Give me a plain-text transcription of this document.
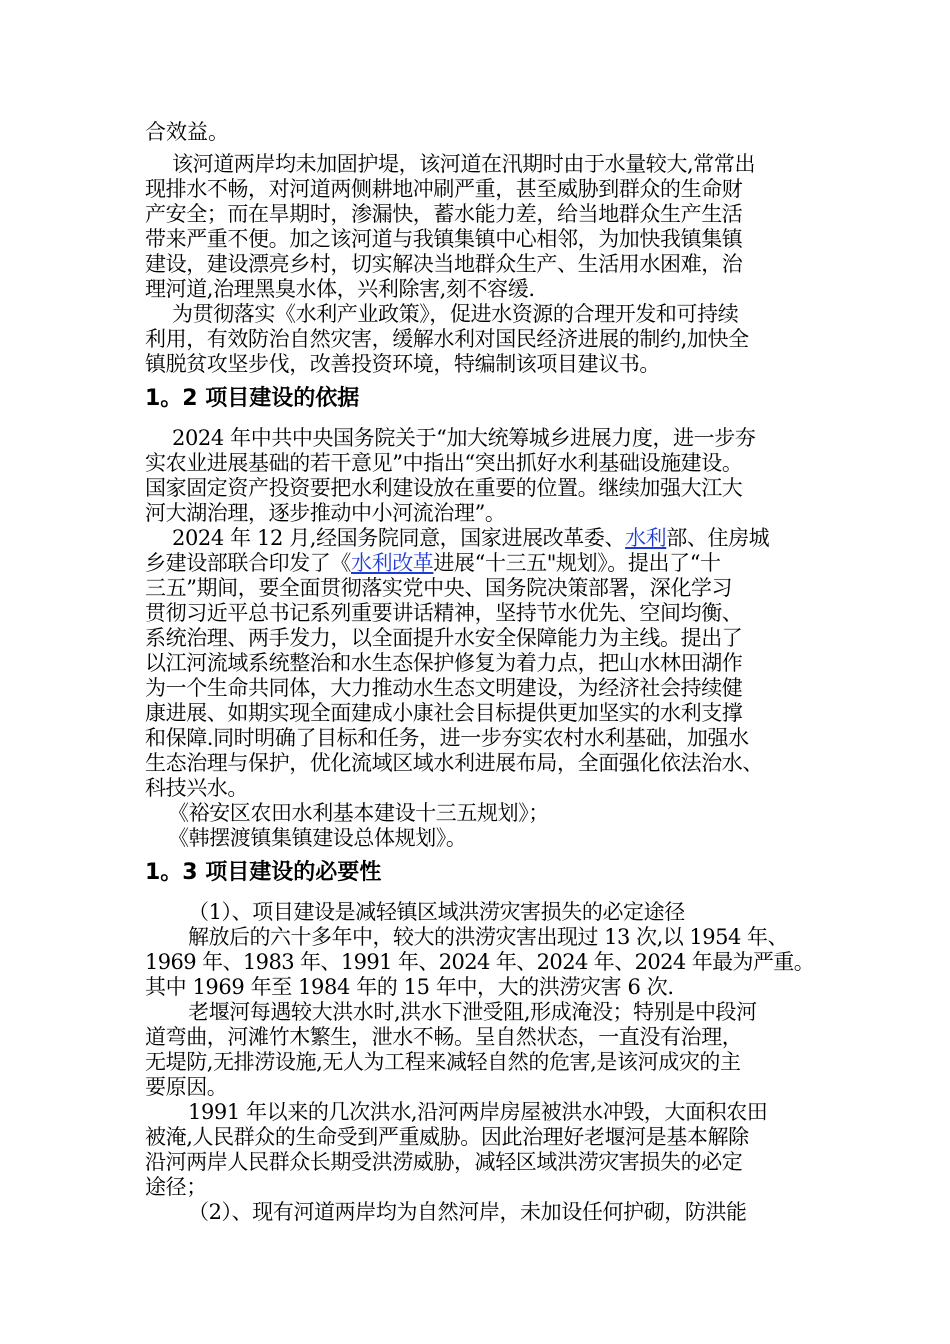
合效益。
该河道两岸均未加固护堤，该河道在汛期时由于水量较大,常常出
现排水不畅，对河道两侧耕地冲刷严重，甚至威胁到群众的生命财
产安全；而在旱期时，渗漏快，蓄水能力差，给当地群众生产生活
带来严重不便。加之该河道与我镇集镇中心相邻，为加快我镇集镇
建设，建设漂亮乡村，切实解决当地群众生产、生活用水困难，治
理河道,治理黑臭水体，兴利除害,刻不容缓.
为贯彻落实《水利产业政策》，促进水资源的合理开发和可持续
利用，有效防治自然灾害，缓解水利对国民经济进展的制约,加快全
镇脱贫攻坚步伐，改善投资环境，特编制该项目建议书。
1。2 项目建设的依据
2024 年中共中央国务院关于“加大统筹城乡进展力度，进一步夯
实农业进展基础的若干意见”中指出“突出抓好水利基础设施建设。
国家固定资产投资要把水利建设放在重要的位置。继续加强大江大
河大湖治理，逐步推动中小河流治理”。
2024 年 12 月,经国务院同意，国家进展改革委、水利部、住房城
乡建设部联合印发了《水利改革进展“十三五"规划》。提出了“十
三五”期间，要全面贯彻落实党中央、国务院决策部署，深化学习
贯彻习近平总书记系列重要讲话精神，坚持节水优先、空间均衡、
系统治理、两手发力，以全面提升水安全保障能力为主线。提出了
以江河流域系统整治和水生态保护修复为着力点，把山水林田湖作
为一个生命共同体，大力推动水生态文明建设，为经济社会持续健
康进展、如期实现全面建成小康社会目标提供更加坚实的水利支撑
和保障.同时明确了目标和任务，进一步夯实农村水利基础，加强水
生态治理与保护，优化流域区域水利进展布局，全面强化依法治水、
科技兴水。
《裕安区农田水利基本建设十三五规划》；
《韩摆渡镇集镇建设总体规划》。
1。3 项目建设的必要性
（1）、项目建设是减轻镇区域洪涝灾害损失的必定途径
解放后的六十多年中，较大的洪涝灾害出现过 13 次,以 1954 年、
1969 年、1983 年、1991 年、2024 年、2024 年、2024 年最为严重。
其中 1969 年至 1984 年的 15 年中，大的洪涝灾害 6 次.
老堰河每遇较大洪水时,洪水下泄受阻,形成淹没；特别是中段河
道弯曲，河滩竹木繁生，泄水不畅。呈自然状态，一直没有治理，
无堤防,无排涝设施,无人为工程来减轻自然的危害,是该河成灾的主
要原因。
1991 年以来的几次洪水,沿河两岸房屋被洪水冲毁，大面积农田
被淹,人民群众的生命受到严重威胁。因此治理好老堰河是基本解除
沿河两岸人民群众长期受洪涝威胁，减轻区域洪涝灾害损失的必定
途径；
（2）、现有河道两岸均为自然河岸，未加设任何护砌，防洪能
